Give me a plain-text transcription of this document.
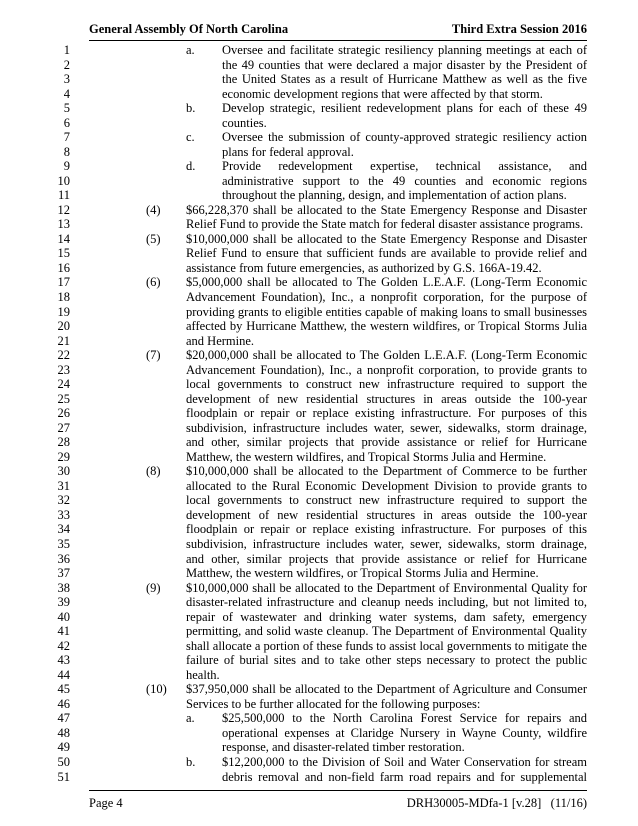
General Assembly Of North Carolina	Third Extra Session 2016
1
2
3
4
5
6
7
8
9
10
11
12
13
14
15
16
17
18
19
20
21
22
23
24
25
26
27
28
29
30
31
32
33
34
35
36
37
38
39
40
41
42
43
44
45
46
47
48
49
50
51
Oversee and facilitate strategic resiliency planning meetings at each of
the 49 counties that were declared a major disaster by the President of
the United States as a result of Hurricane Matthew as well as the five
economic development regions that were affected by that storm.
Develop strategic, resilient redevelopment plans for each of these 49
counties.
Oversee the submission of county-approved strategic resiliency action
plans for federal approval.
Provide redevelopment expertise, technical assistance, and
administrative support to the 49 counties and economic regions
throughout the planning, design, and implementation of action plans.
$66,228,370 shall be allocated to the State Emergency Response and Disaster
Relief Fund to provide the State match for federal disaster assistance programs.
$10,000,000 shall be allocated to the State Emergency Response and Disaster
Relief Fund to ensure that sufficient funds are available to provide relief and
assistance from future emergencies, as authorized by G.S. 166A-19.42.
$5,000,000 shall be allocated to The Golden L.E.A.F. (Long-Term Economic
Advancement Foundation), Inc., a nonprofit corporation, for the purpose of
providing grants to eligible entities capable of making loans to small businesses
affected by Hurricane Matthew, the western wildfires, or Tropical Storms Julia
and Hermine.
$20,000,000 shall be allocated to The Golden L.E.A.F. (Long-Term Economic
Advancement Foundation), Inc., a nonprofit corporation, to provide grants to
local governments to construct new infrastructure required to support the
development of new residential structures in areas outside the 100-year
floodplain or repair or replace existing infrastructure. For purposes of this
subdivision, infrastructure includes water, sewer, sidewalks, storm drainage,
and other, similar projects that provide assistance or relief for Hurricane
Matthew, the western wildfires, and Tropical Storms Julia and Hermine.
$10,000,000 shall be allocated to the Department of Commerce to be further
allocated to the Rural Economic Development Division to provide grants to
local governments to construct new infrastructure required to support the
development of new residential structures in areas outside the 100-year
floodplain or repair or replace existing infrastructure. For purposes of this
subdivision, infrastructure includes water, sewer, sidewalks, storm drainage,
and other, similar projects that provide assistance or relief for Hurricane
Matthew, the western wildfires, or Tropical Storms Julia and Hermine.
$10,000,000 shall be allocated to the Department of Environmental Quality for
disaster-related infrastructure and cleanup needs including, but not limited to,
repair of wastewater and drinking water systems, dam safety, emergency
permitting, and solid waste cleanup. The Department of Environmental Quality
shall allocate a portion of these funds to assist local governments to mitigate the
failure of burial sites and to take other steps necessary to protect the public
health.
$37,950,000 shall be allocated to the Department of Agriculture and Consumer
Services to be further allocated for the following purposes:
$25,500,000 to the North Carolina Forest Service for repairs and
operational expenses at Claridge Nursery in Wayne County, wildfire
response, and disaster-related timber restoration.
$12,200,000 to the Division of Soil and Water Conservation for stream
debris removal and non-field farm road repairs and for supplemental
a.
b.
c.
d.
(4)
(5)
(6)
(7)
(8)
(9)
(10)
a.
b.
Page 4	DRH30005-MDfa-1 [v.28]   (11/16)
